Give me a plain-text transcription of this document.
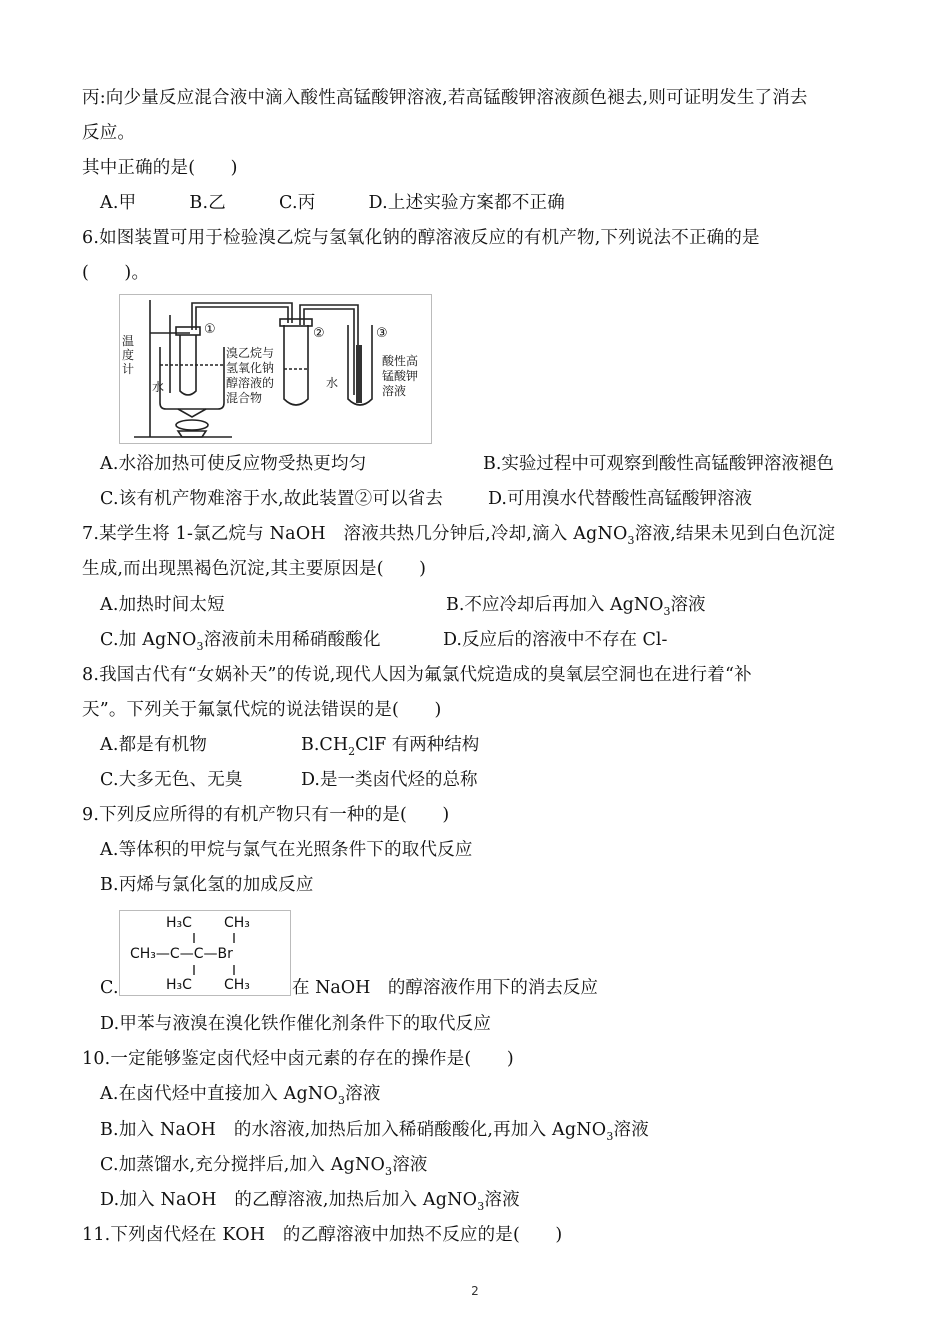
丙:向少量反应混合液中滴入酸性高锰酸钾溶液,若高锰酸钾溶液颜色褪去,则可证明发生了消去
反应。
其中正确的是(　　)
A.甲　　　B.乙　　　C.丙　　　D.上述实验方案都不正确
6.如图装置可用于检验溴乙烷与氢氧化钠的醇溶液反应的有机产物,下列说法不正确的是
(　　)。
①	②	③
温
度
计
水
溴乙烷与
氢氧化钠
醇溶液的
混合物
水
酸性高
锰酸钾
溶液
A.水浴加热可使反应物受热更均匀	B.实验过程中可观察到酸性高锰酸钾溶液褪色
C.该有机产物难溶于水,故此装置②可以省去	D.可用溴水代替酸性高锰酸钾溶液
7.某学生将 1-氯乙烷与 NaOH　溶液共热几分钟后,冷却,滴入 AgNO$_3$溶液,结果未见到白色沉淀
生成,而出现黑褐色沉淀,其主要原因是(　　)
A.加热时间太短	B.不应冷却后再加入 AgNO$_3$溶液
C.加 AgNO$_3$溶液前未用稀硝酸酸化	D.反应后的溶液中不存在 Cl-
8.我国古代有“女娲补天”的传说,现代人因为氟氯代烷造成的臭氧层空洞也在进行着“补
天”。下列关于氟氯代烷的说法错误的是(　　)
A.都是有机物	$B.CH_2ClF$ 有两种结构
C.大多无色、无臭	D.是一类卤代烃的总称
9.下列反应所得的有机产物只有一种的是(　　)
A.等体积的甲烷与氯气在光照条件下的取代反应
B.丙烯与氯化氢的加成反应
H₃C CH₃
CH₃—C—C—Br
H₃C CH₃
C.	在 NaOH　的醇溶液作用下的消去反应
D.甲苯与液溴在溴化铁作催化剂条件下的取代反应
10.一定能够鉴定卤代烃中卤元素的存在的操作是(　　)
A.在卤代烃中直接加入 AgNO$_3$溶液
B.加入 NaOH　的水溶液,加热后加入稀硝酸酸化,再加入 AgNO$_3$溶液
C.加蒸馏水,充分搅拌后,加入 AgNO$_3$溶液
D.加入 NaOH　的乙醇溶液,加热后加入 AgNO$_3$溶液
11.下列卤代烃在 KOH　的乙醇溶液中加热不反应的是(　　)
2
